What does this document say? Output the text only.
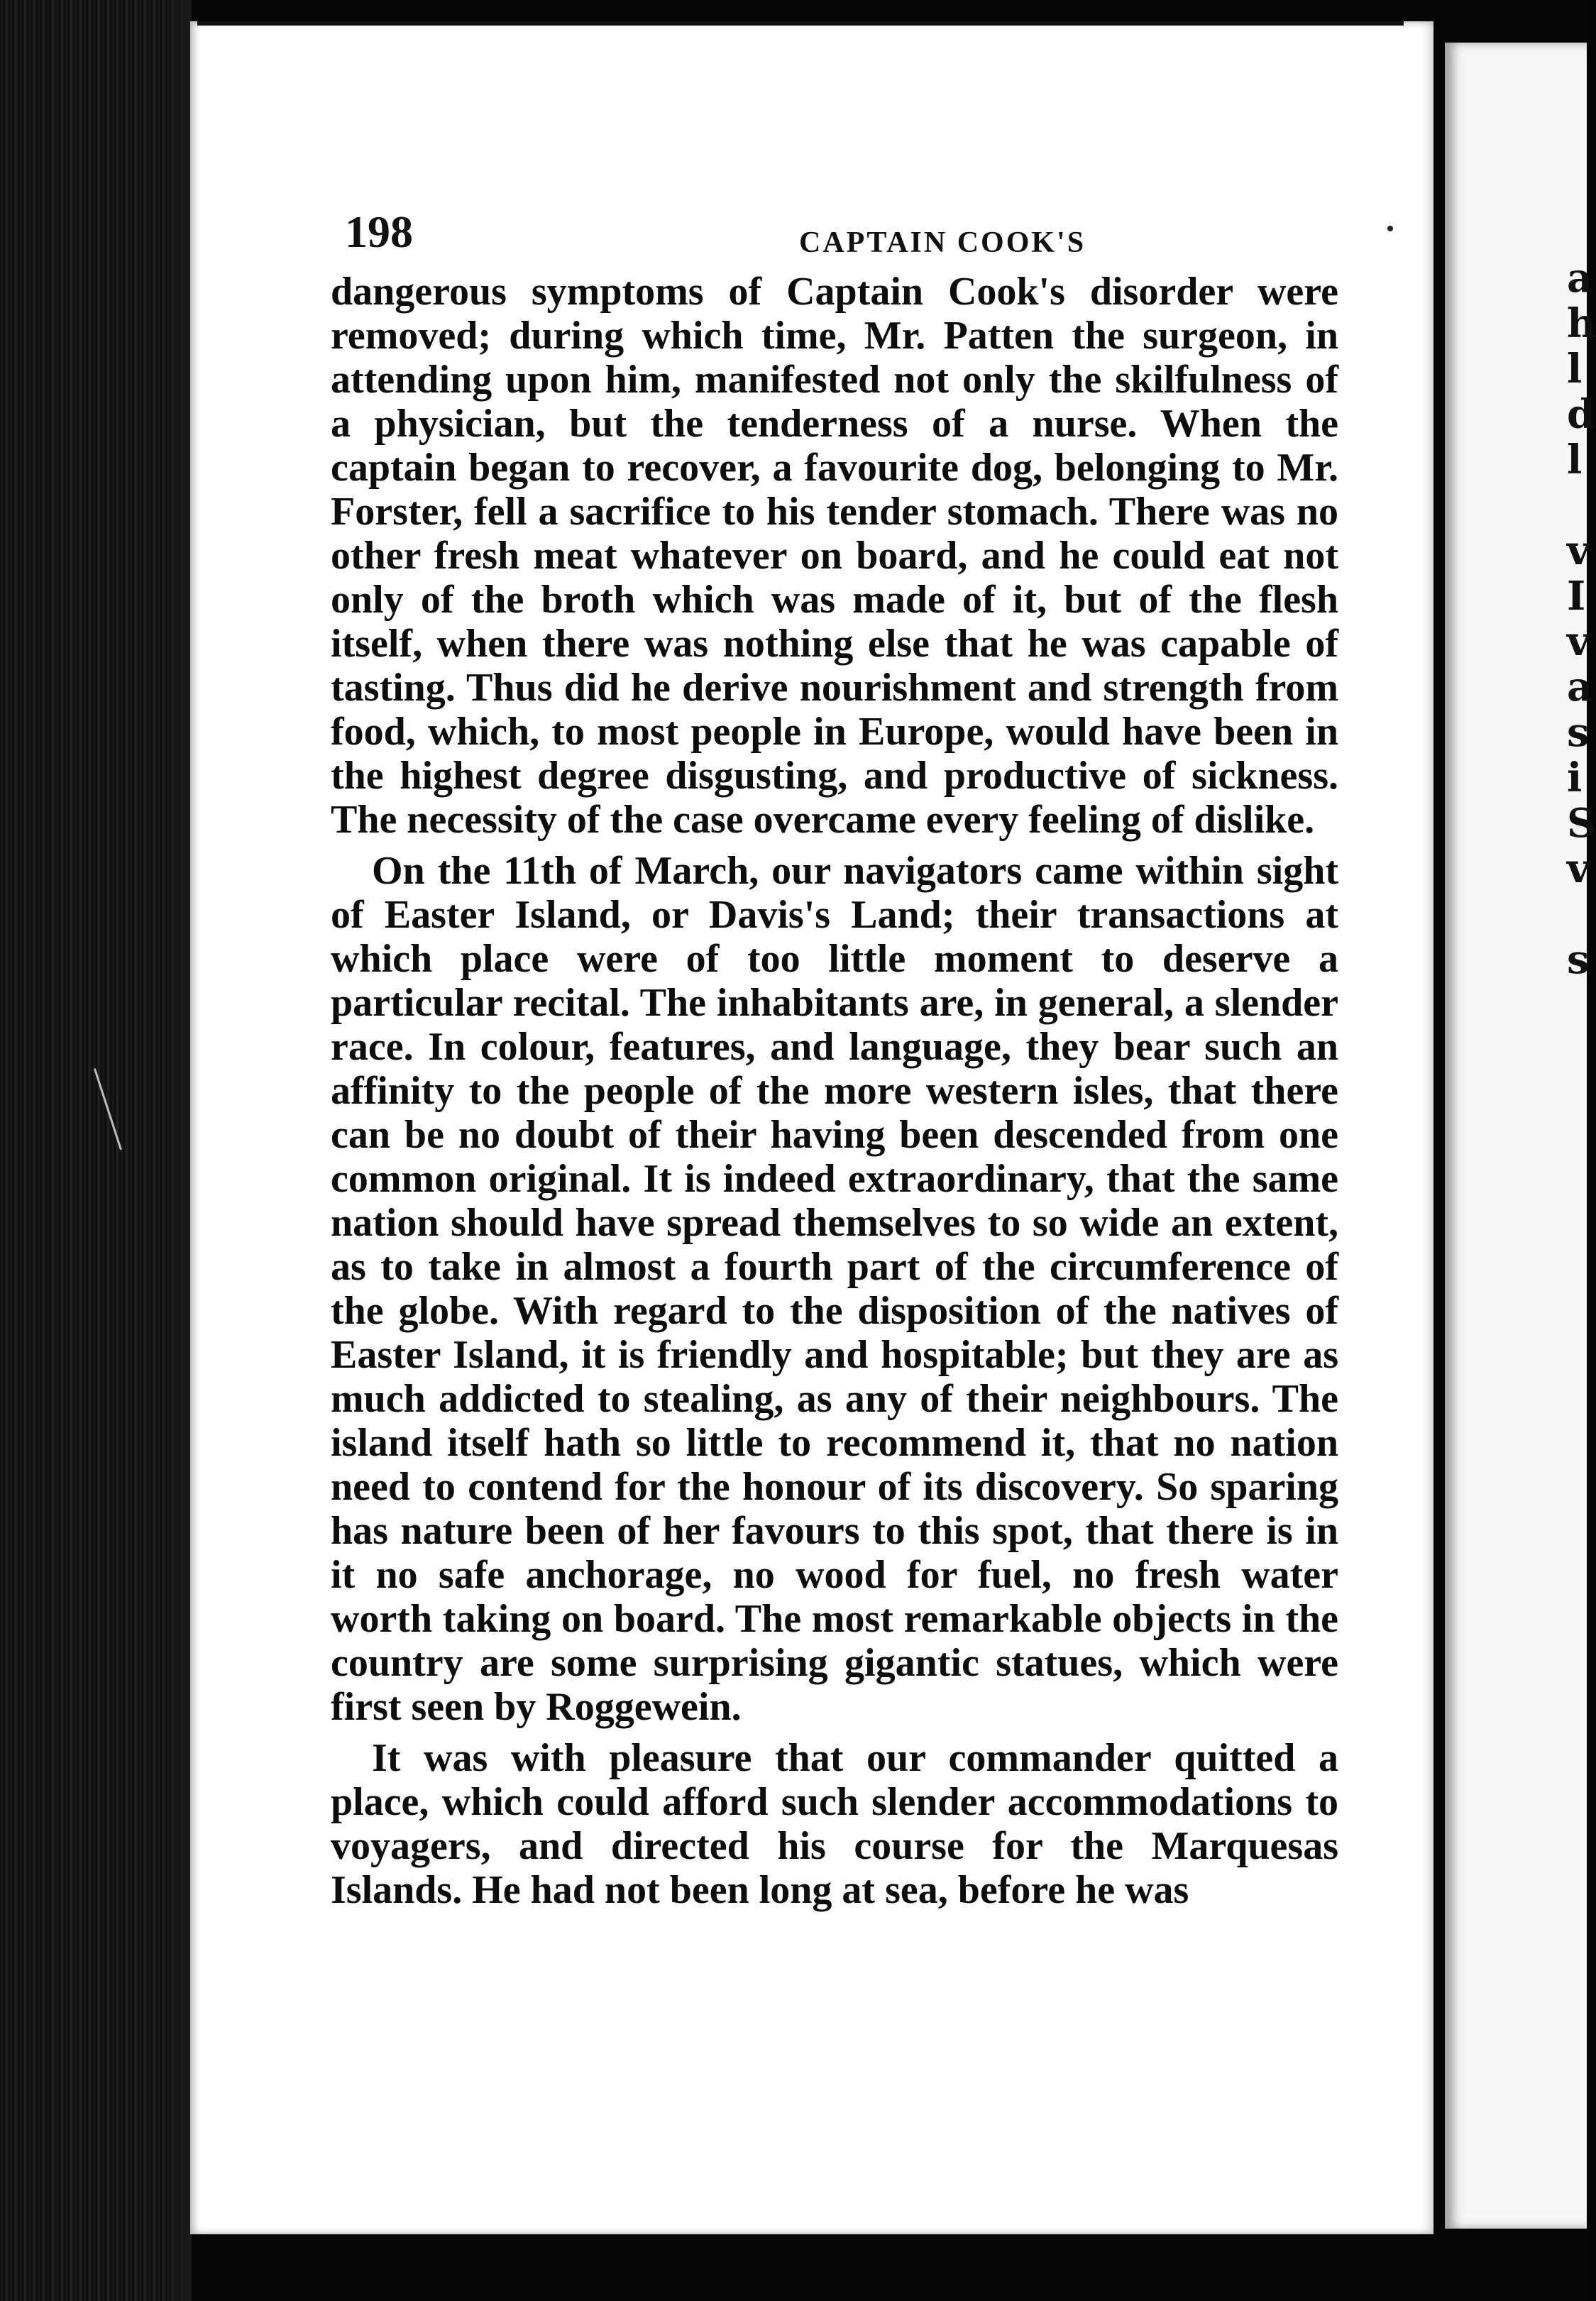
198	CAPTAIN COOK'S

dangerous symptoms of Captain Cook's disorder were removed; during which time, Mr. Patten the surgeon, in attending upon him, manifested not only the skilfulness of a physician, but the tenderness of a nurse. When the captain began to recover, a favourite dog, belonging to Mr. Forster, fell a sacrifice to his tender stomach. There was no other fresh meat whatever on board, and he could eat not only of the broth which was made of it, but of the flesh itself, when there was nothing else that he was capable of tasting. Thus did he derive nourishment and strength from food, which, to most people in Europe, would have been in the highest degree disgusting, and productive of sickness. The necessity of the case overcame every feeling of dislike.

On the 11th of March, our navigators came within sight of Easter Island, or Davis's Land; their transactions at which place were of too little moment to deserve a particular recital. The inhabitants are, in general, a slender race. In colour, features, and language, they bear such an affinity to the people of the more western isles, that there can be no doubt of their having been descended from one common original. It is indeed extraordinary, that the same nation should have spread themselves to so wide an extent, as to take in almost a fourth part of the circumference of the globe. With regard to the disposition of the natives of Easter Island, it is friendly and hospitable; but they are as much addicted to stealing, as any of their neighbours. The island itself hath so little to recommend it, that no nation need to contend for the honour of its discovery. So sparing has nature been of her favours to this spot, that there is in it no safe anchorage, no wood for fuel, no fresh water worth taking on board. The most remarkable objects in the country are some surprising gigantic statues, which were first seen by Roggewein.

It was with pleasure that our commander quitted a place, which could afford such slender accommodations to voyagers, and directed his course for the Marquesas Islands. He had not been long at sea, before he was

a
h
l
d
l

v
I
v
a
s
i
S
v

s
